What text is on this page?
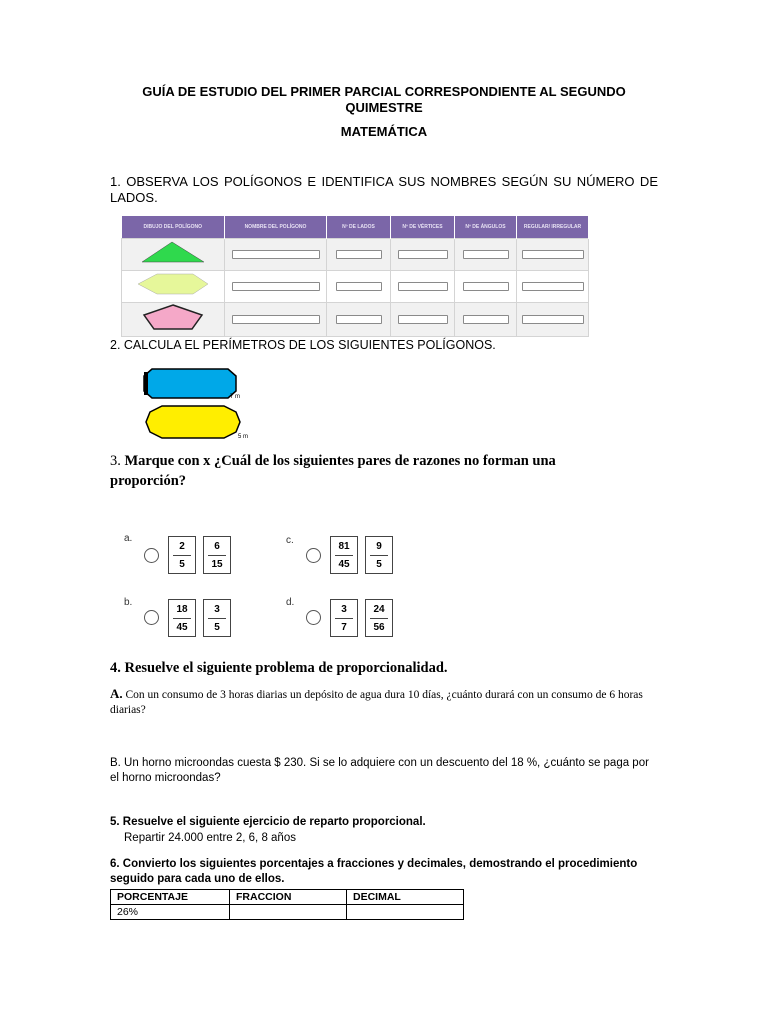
GUÍA DE ESTUDIO DEL PRIMER PARCIAL CORRESPONDIENTE AL SEGUNDO QUIMESTRE
MATEMÁTICA
1. OBSERVA LOS POLÍGONOS E IDENTIFICA SUS NOMBRES SEGÚN SU NÚMERO DE LADOS.
DIBUJO DEL POLÍGONO	NOMBRE DEL POLÍGONO	Nº DE LADOS	Nº DE VÉRTICES	Nº DE ÁNGULOS	REGULAR/ IRREGULAR

2. CALCULA EL PERÍMETROS DE LOS SIGUIENTES POLÍGONOS.
7 m
5 m
3. Marque con x ¿Cuál de los siguientes pares de razones no forman una proporción?
a.
2
5
6
15
c.
81
45
9
5
b.
18
45
3
5
d.
3
7
24
56
4. Resuelve el siguiente problema de proporcionalidad.
A. Con un consumo de 3 horas diarias un depósito de agua dura 10 días, ¿cuánto durará con un consumo de 6 horas diarias?
B. Un horno microondas cuesta $ 230. Si se lo adquiere con un descuento del 18 %, ¿cuánto se paga por el horno microondas?
5. Resuelve el siguiente ejercicio de reparto proporcional.
Repartir 24.000 entre 2, 6, 8 años
6. Convierto los siguientes porcentajes a fracciones y decimales, demostrando el procedimiento seguido para cada uno de ellos.
PORCENTAJE	FRACCION	DECIMAL
26%		
